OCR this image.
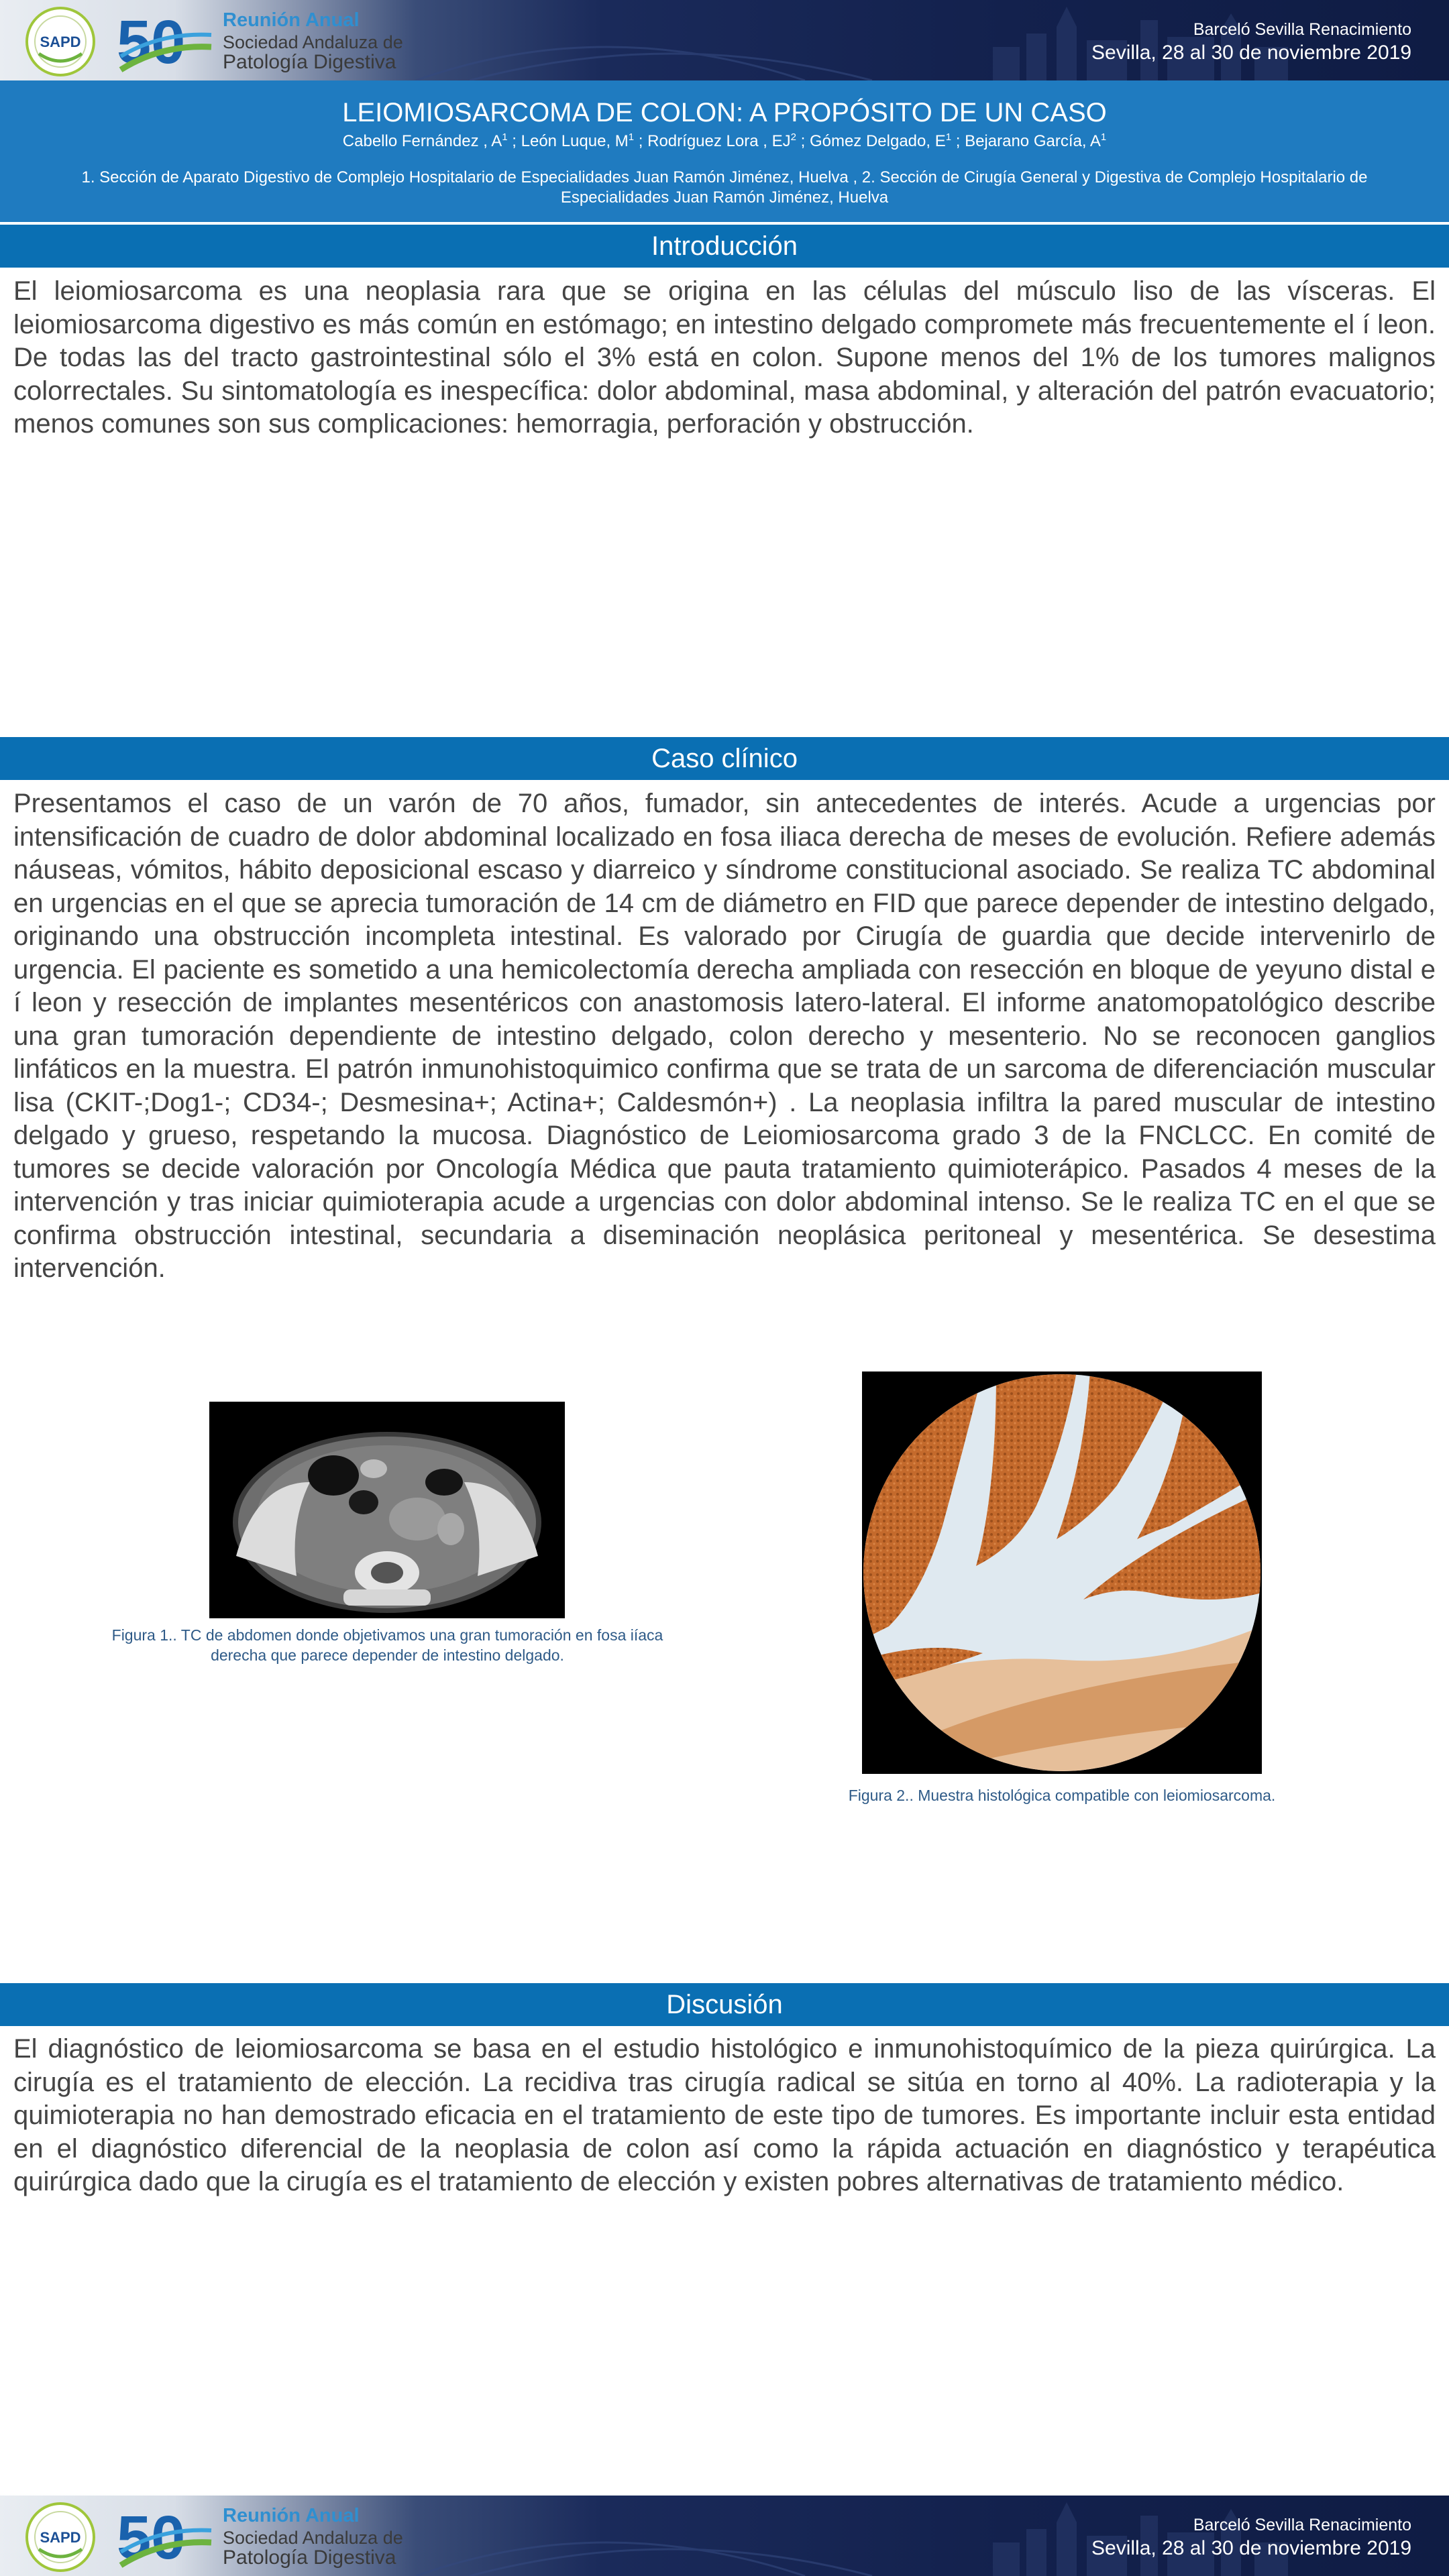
SAPD 50 Reunión Anual
Sociedad Andaluza de
Patología Digestiva
Barceló Sevilla Renacimiento
Sevilla, 28 al 30 de noviembre 2019
LEIOMIOSARCOMA DE COLON: A PROPÓSITO DE UN CASO
Cabello Fernández , $A^1$ ; León Luque, $M^1$ ; Rodríguez Lora , $EJ^2$ ; Gómez Delgado, $E^1$ ; Bejarano García, $A^1$
1. Sección de Aparato Digestivo de Complejo Hospitalario de Especialidades Juan Ramón Jiménez, Huelva , 2. Sección de Cirugía General y Digestiva de Complejo Hospitalario de Especialidades Juan Ramón Jiménez, Huelva
Introducción
El leiomiosarcoma es una neoplasia rara que se origina en las células del músculo liso de las vísceras. El leiomiosarcoma digestivo es más común en estómago; en intestino delgado compromete más frecuentemente el í leon. De todas las del tracto gastrointestinal sólo el 3% está en colon. Supone menos del 1% de los tumores malignos colorrectales. Su sintomatología es inespecífica: dolor abdominal, masa abdominal, y alteración del patrón evacuatorio; menos comunes son sus complicaciones: hemorragia, perforación y obstrucción.
Caso clínico
Presentamos el caso de un varón de 70 años, fumador, sin antecedentes de interés. Acude a urgencias por intensificación de cuadro de dolor abdominal localizado en fosa iliaca derecha de meses de evolución. Refiere además náuseas, vómitos, hábito deposicional escaso y diarreico y síndrome constitucional asociado. Se realiza TC abdominal en urgencias en el que se aprecia tumoración de 14 cm de diámetro en FID que parece depender de intestino delgado, originando una obstrucción incompleta intestinal. Es valorado por Cirugía de guardia que decide intervenirlo de urgencia. El paciente es sometido a una hemicolectomía derecha ampliada con resección en bloque de yeyuno distal e í leon y resección de implantes mesentéricos con anastomosis latero-lateral. El informe anatomopatológico describe una gran tumoración dependiente de intestino delgado, colon derecho y mesenterio. No se reconocen ganglios linfáticos en la muestra. El patrón inmunohistoquimico confirma que se trata de un sarcoma de diferenciación muscular lisa (CKIT-;Dog1-; CD34-; Desmesina+; Actina+; Caldesmón+) . La neoplasia infiltra la pared muscular de intestino delgado y grueso, respetando la mucosa. Diagnóstico de Leiomiosarcoma grado 3 de la FNCLCC. En comité de tumores se decide valoración por Oncología Médica que pauta tratamiento quimioterápico. Pasados 4 meses de la intervención y tras iniciar quimioterapia acude a urgencias con dolor abdominal intenso. Se le realiza TC en el que se confirma obstrucción intestinal, secundaria a diseminación neoplásica peritoneal y mesentérica. Se desestima intervención.
Figura 1.. TC de abdomen donde objetivamos una gran tumoración en fosa iíaca derecha que parece depender de intestino delgado.
Figura 2.. Muestra histológica compatible con leiomiosarcoma.
Discusión
El diagnóstico de leiomiosarcoma se basa en el estudio histológico e inmunohistoquímico de la pieza quirúrgica. La cirugía es el tratamiento de elección. La recidiva tras cirugía radical se sitúa en torno al 40%. La radioterapia y la quimioterapia no han demostrado eficacia en el tratamiento de este tipo de tumores. Es importante incluir esta entidad en el diagnóstico diferencial de la neoplasia de colon así como la rápida actuación en diagnóstico y terapéutica quirúrgica dado que la cirugía es el tratamiento de elección y existen pobres alternativas de tratamiento médico.
SAPD 50 Reunión Anual
Sociedad Andaluza de
Patología Digestiva
Barceló Sevilla Renacimiento
Sevilla, 28 al 30 de noviembre 2019
